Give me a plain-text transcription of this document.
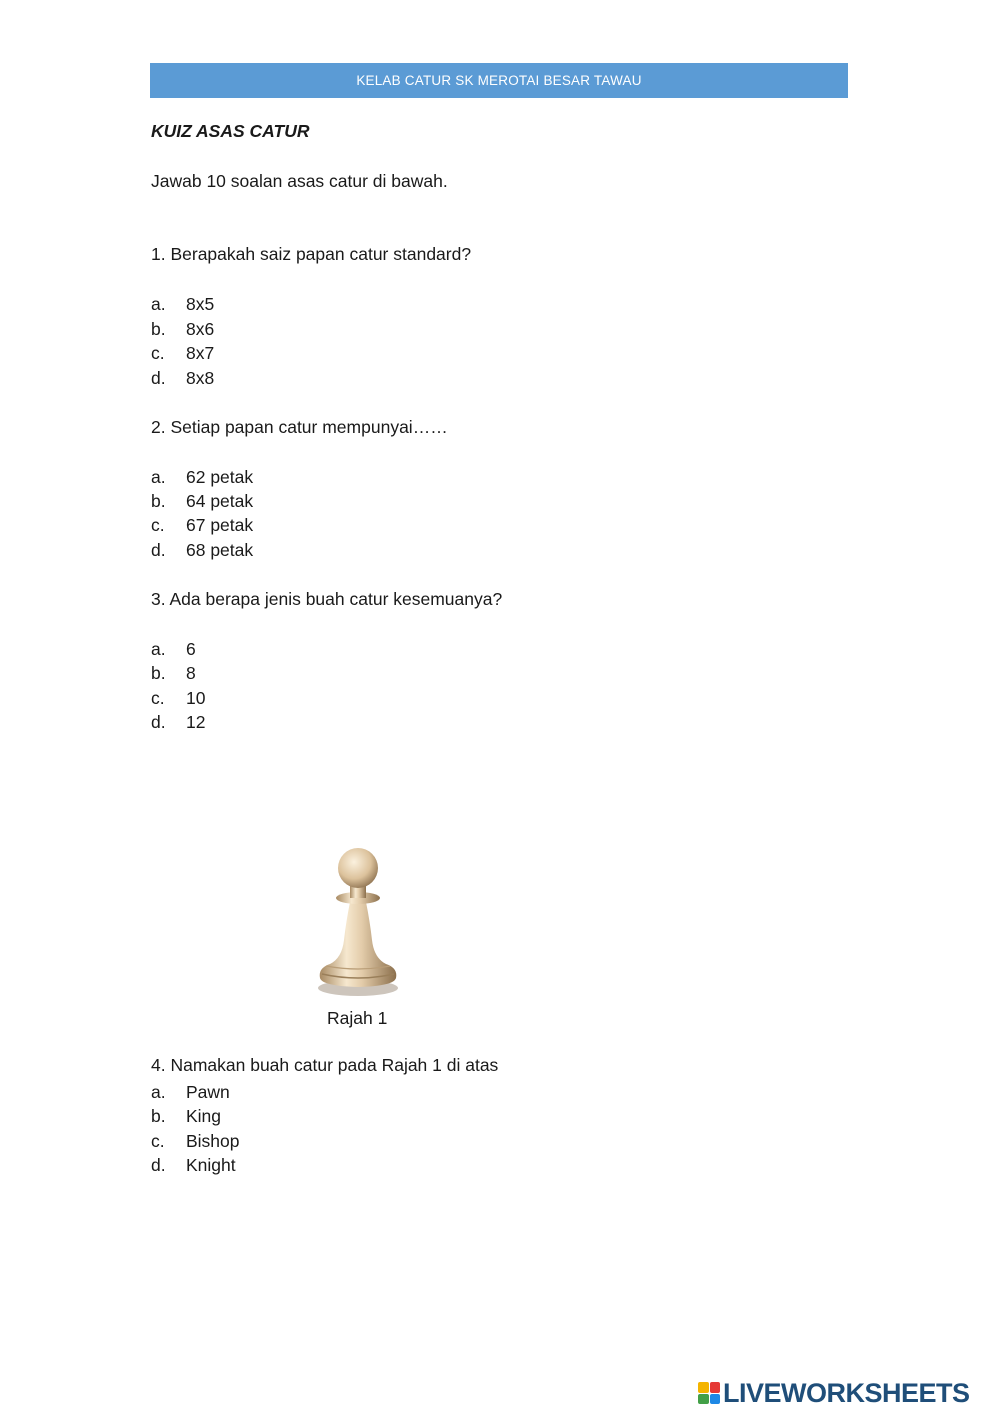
KELAB CATUR SK MEROTAI BESAR TAWAU
KUIZ ASAS CATUR
Jawab 10 soalan asas catur di bawah.
1. Berapakah saiz papan catur standard?
a. 8x5
b. 8x6
c. 8x7
d. 8x8
2. Setiap papan catur mempunyai……
a. 62 petak
b. 64 petak
c. 67 petak
d. 68 petak
3. Ada berapa jenis buah catur kesemuanya?
a. 6
b. 8
c. 10
d. 12
Rajah 1
4. Namakan buah catur pada Rajah 1 di atas
a. Pawn
b. King
c. Bishop
d. Knight
LIVEWORKSHEETS
